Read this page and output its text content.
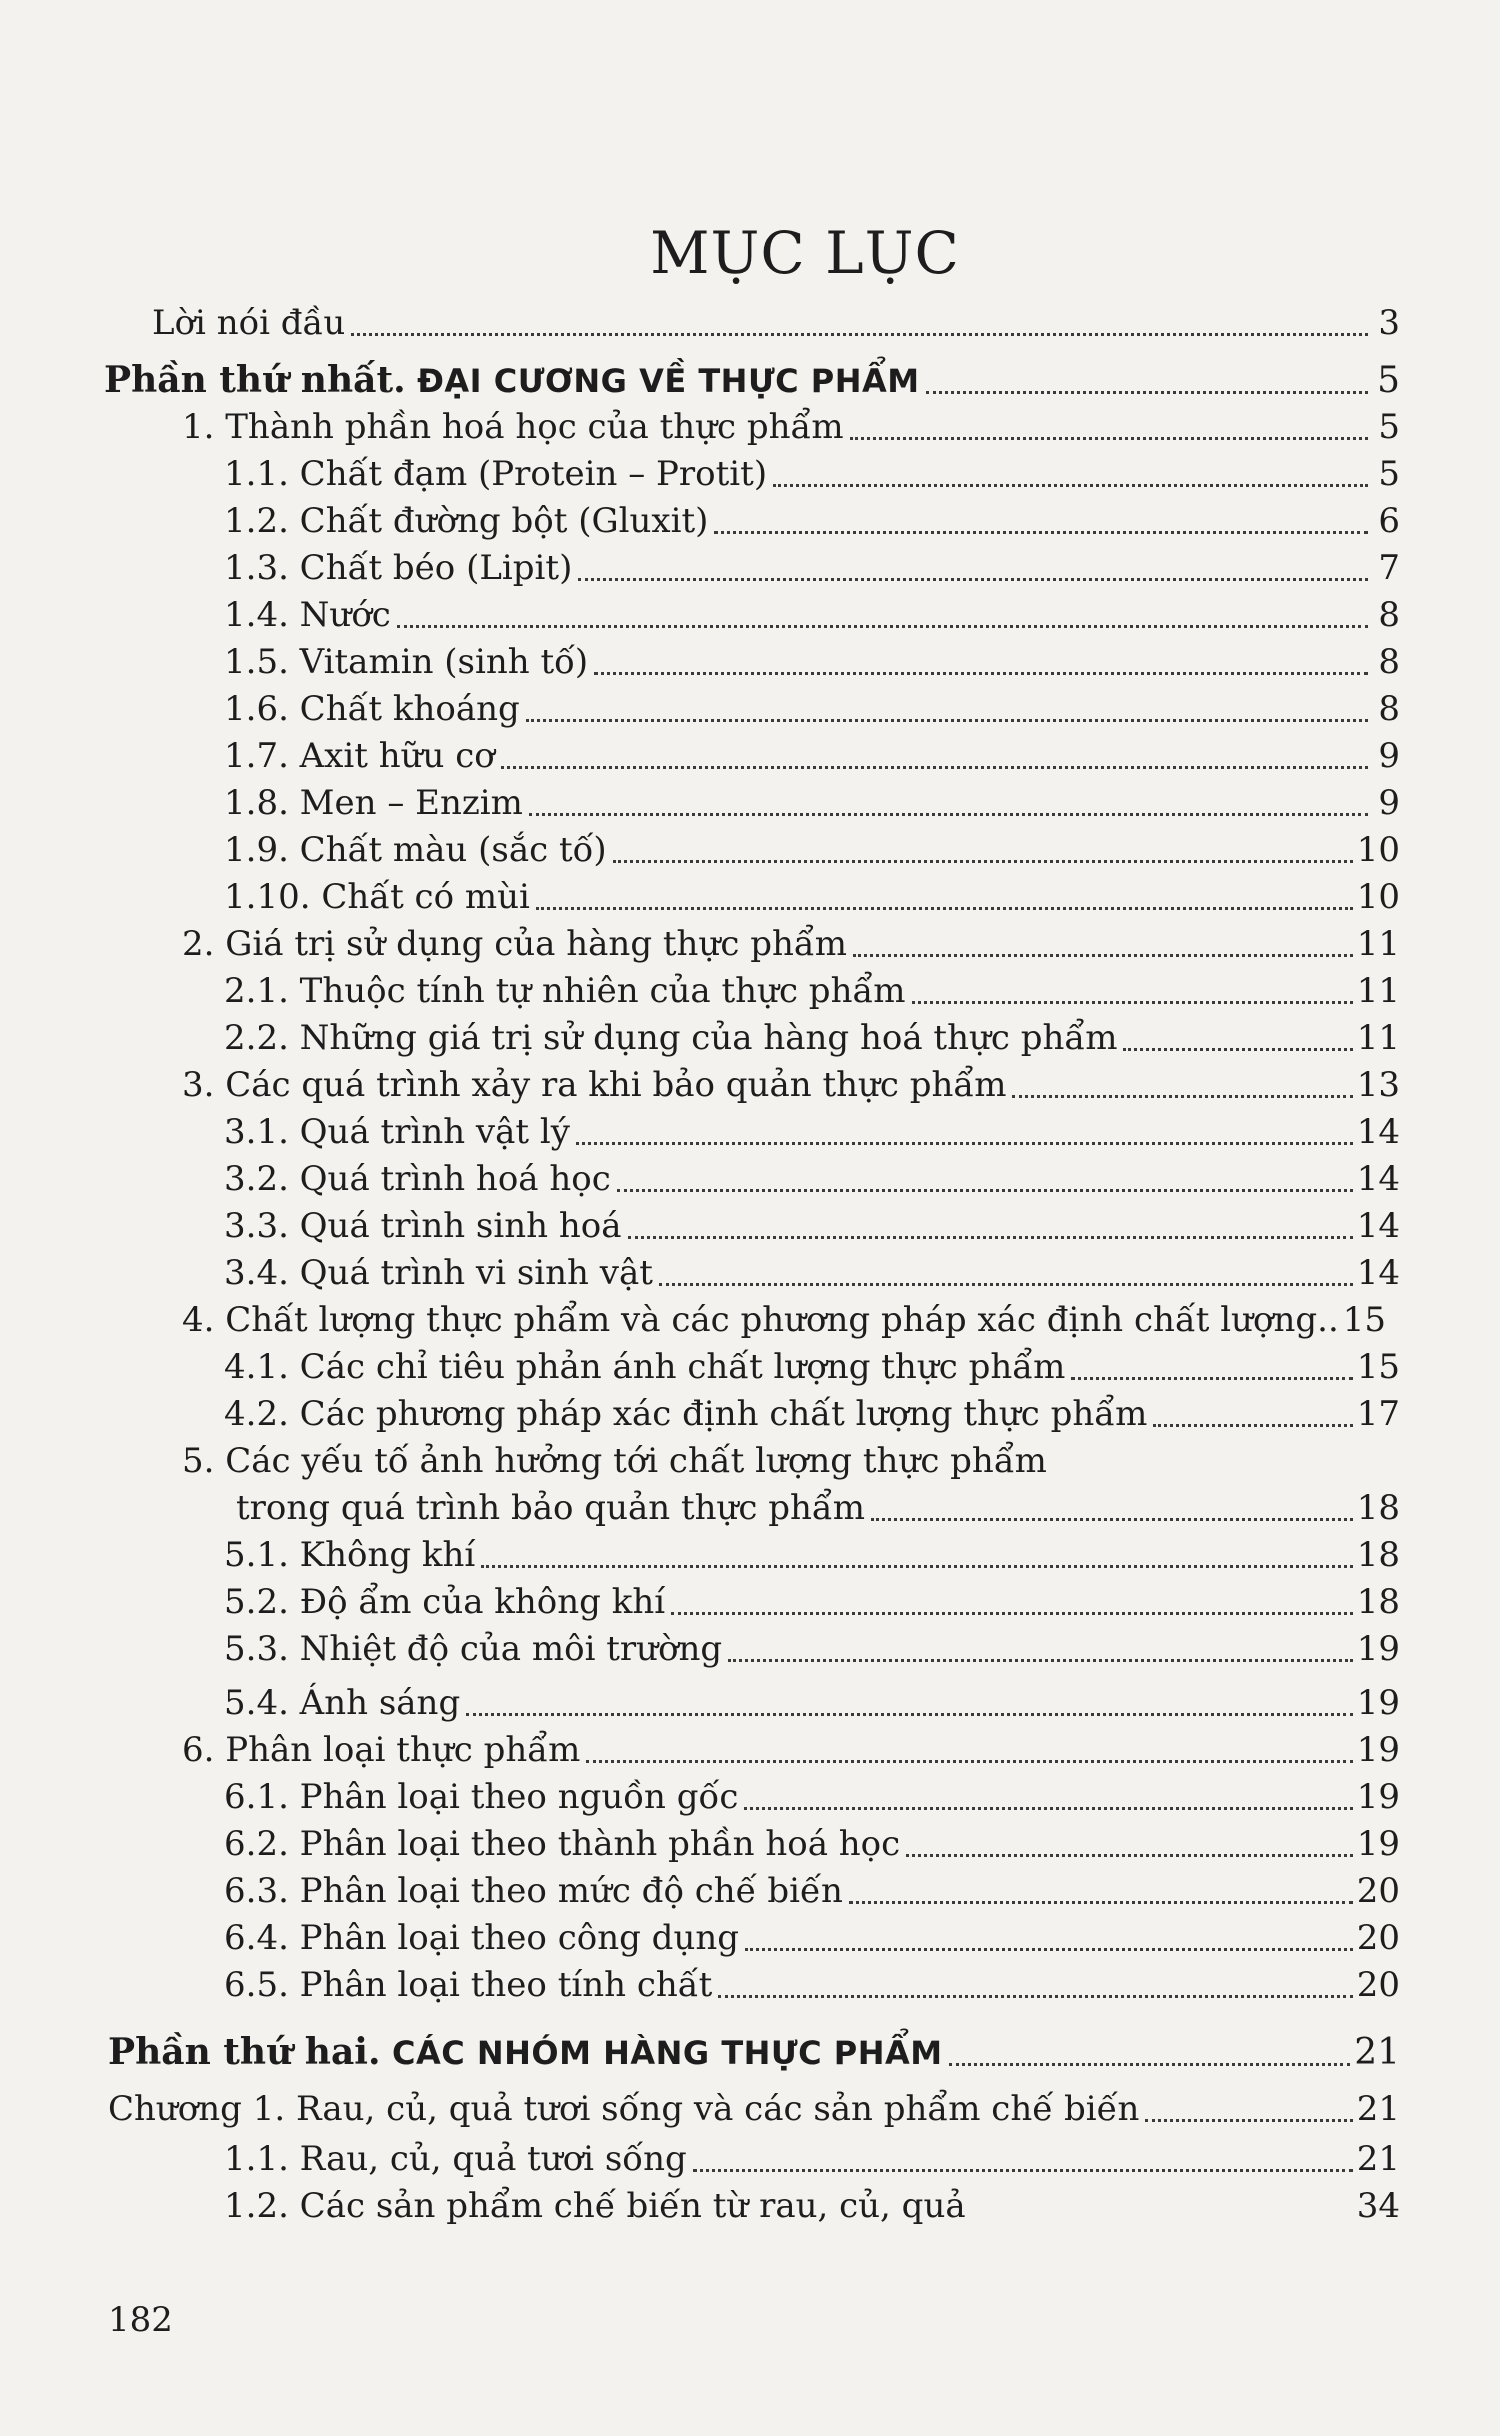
MỤC LỤC
Lời nói đầu	3
Phần thứ nhất. ĐẠI CƯƠNG VỀ THỰC PHẨM	5
1. Thành phần hoá học của thực phẩm	5
1.1. Chất đạm (Protein – Protit)	5
1.2. Chất đường bột (Gluxit)	6
1.3. Chất béo (Lipit)	7
1.4. Nước	8
1.5. Vitamin (sinh tố)	8
1.6. Chất khoáng	8
1.7. Axit hữu cơ	9
1.8. Men – Enzim	9
1.9. Chất màu (sắc tố)	10
1.10. Chất có mùi	10
2. Giá trị sử dụng của hàng thực phẩm	11
2.1. Thuộc tính tự nhiên của thực phẩm	11
2.2. Những giá trị sử dụng của hàng hoá thực phẩm	11
3. Các quá trình xảy ra khi bảo quản thực phẩm	13
3.1. Quá trình vật lý	14
3.2. Quá trình hoá học	14
3.3. Quá trình sinh hoá	14
3.4. Quá trình vi sinh vật	14
4. Chất lượng thực phẩm và các phương pháp xác định chất lượng.. 15
4.1. Các chỉ tiêu phản ánh chất lượng thực phẩm	15
4.2. Các phương pháp xác định chất lượng thực phẩm	17
5. Các yếu tố ảnh hưởng tới chất lượng thực phẩm
trong quá trình bảo quản thực phẩm	18
5.1. Không khí	18
5.2. Độ ẩm của không khí	18
5.3. Nhiệt độ của môi trường	19
5.4. Ánh sáng	19
6. Phân loại thực phẩm	19
6.1. Phân loại theo nguồn gốc	19
6.2. Phân loại theo thành phần hoá học	19
6.3. Phân loại theo mức độ chế biến	20
6.4. Phân loại theo công dụng	20
6.5. Phân loại theo tính chất	20
Phần thứ hai. CÁC NHÓM HÀNG THỰC PHẨM	21
Chương 1. Rau, củ, quả tươi sống và các sản phẩm chế biến	21
1.1. Rau, củ, quả tươi sống	21
1.2. Các sản phẩm chế biến từ rau, củ, quả	34
182
